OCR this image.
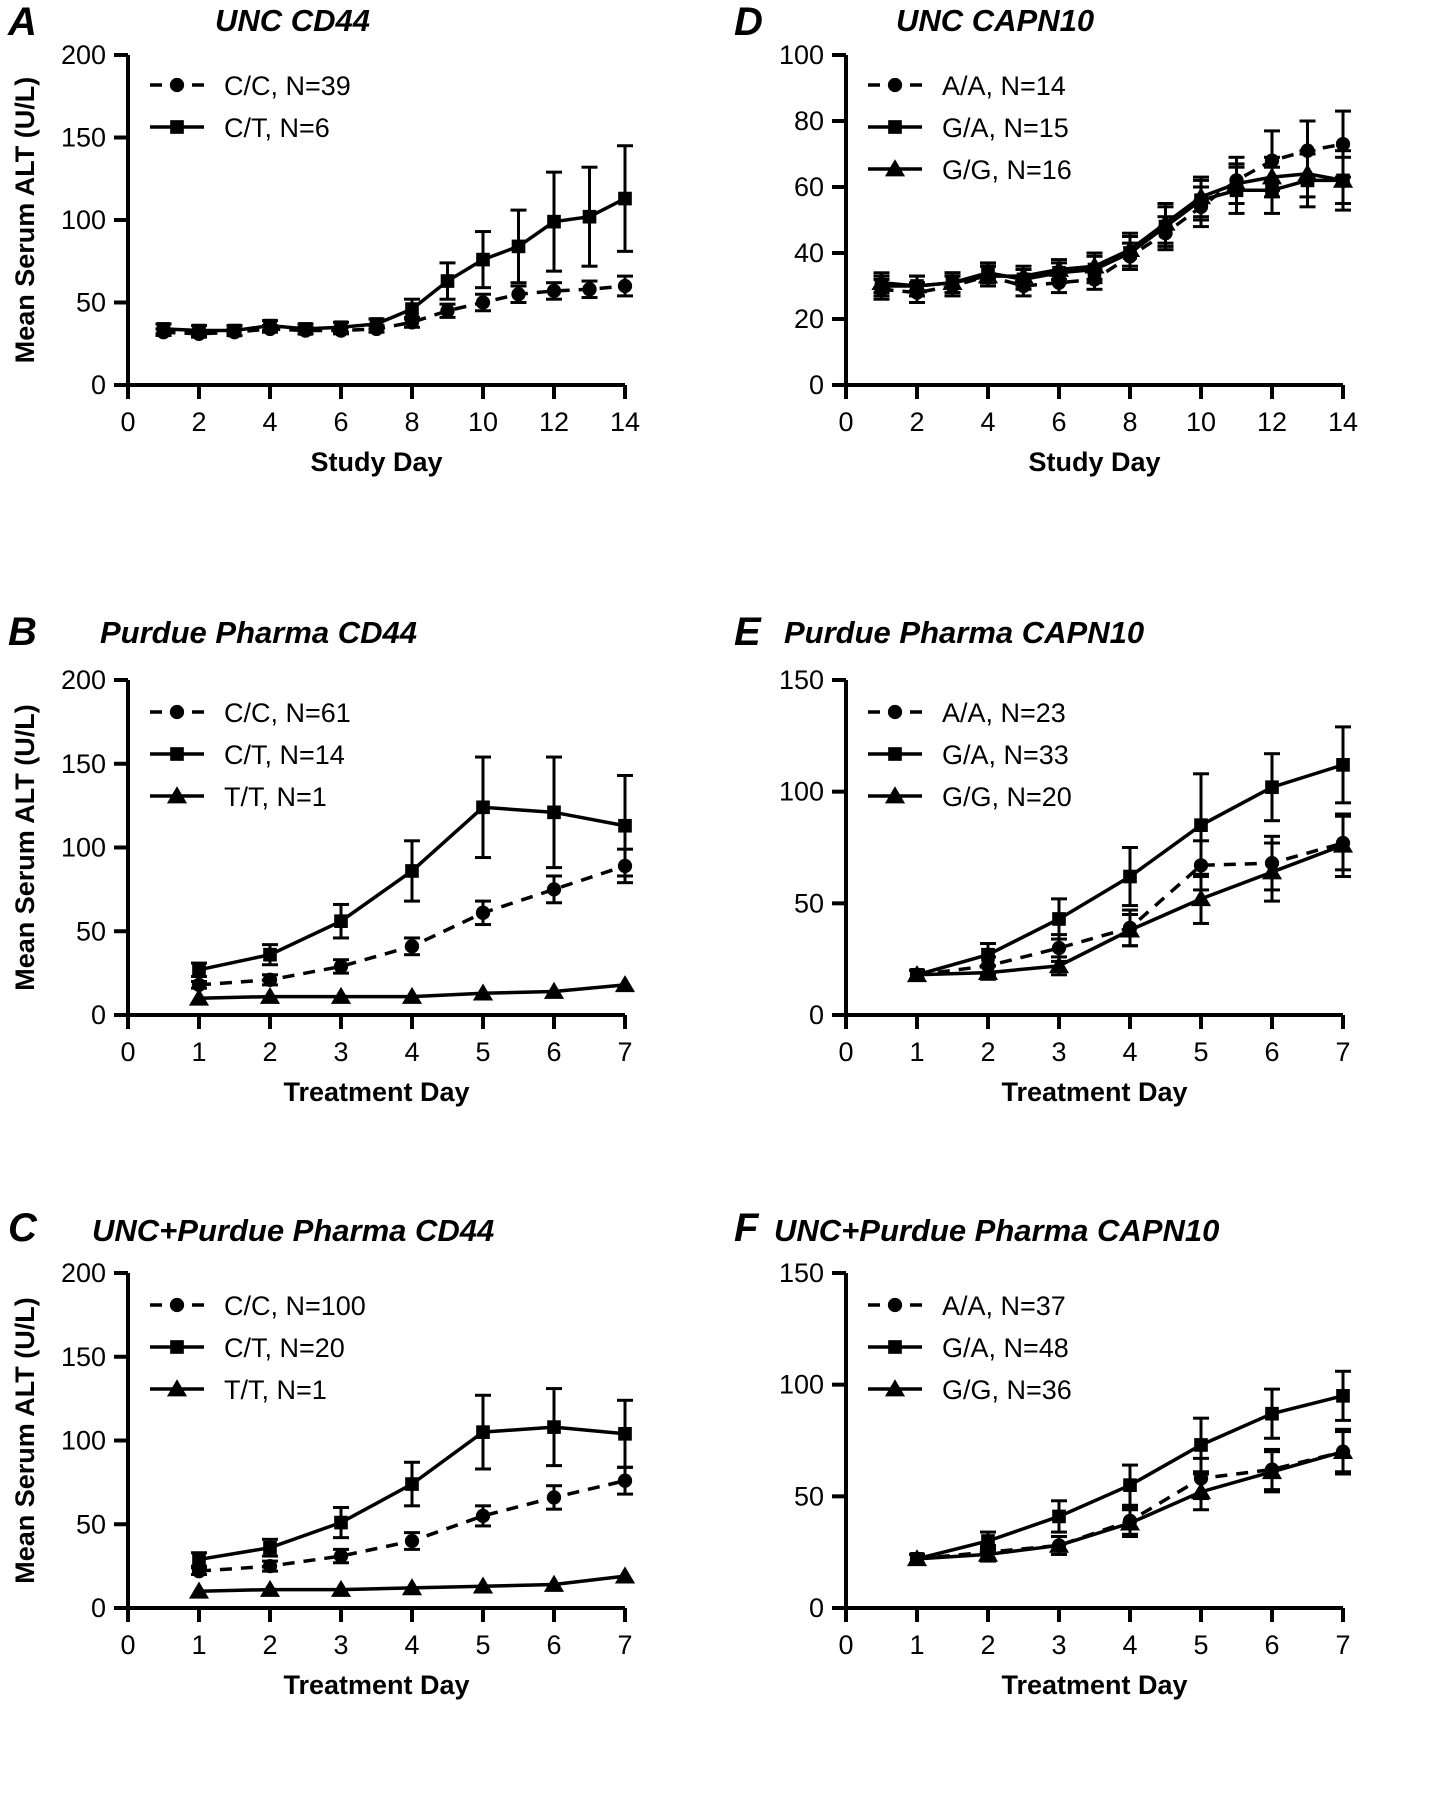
A	UNC CD44
0
50
100
150
200
0 2 4 6 8 10 12 14
Study Day
Mean Serum ALT (U/L)	C/C, N=39
C/T, N=6
D	UNC CAPN10
0
20
40
60
80
100
0 2 4 6 8 10 12 14
Study Day
A/A, N=14
G/A, N=15
G/G, N=16
B Purdue Pharma CD44
0
50
100
150
200
0 1 2 3 4 5 6 7
Treatment Day
Mean Serum ALT (U/L)	C/C, N=61
C/T, N=14
T/T, N=1
E Purdue Pharma CAPN10
0
50
100
150
0 1 2 3 4 5 6 7
Treatment Day
A/A, N=23
G/A, N=33
G/G, N=20
C UNC+Purdue Pharma CD44
0
50
100
150
200
0 1 2 3 4 5 6 7
Treatment Day
Mean Serum ALT (U/L)	C/C, N=100
C/T, N=20
T/T, N=1
F UNC+Purdue Pharma CAPN10
0
50
100
150
0 1 2 3 4 5 6 7
Treatment Day
A/A, N=37
G/A, N=48
G/G, N=36
